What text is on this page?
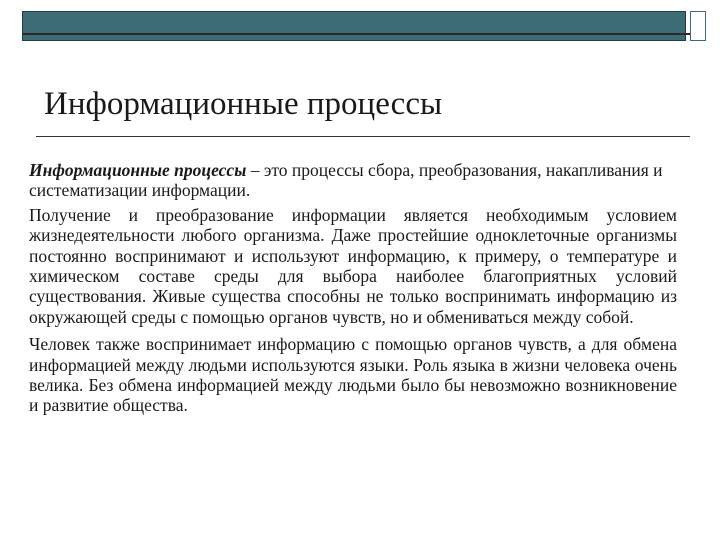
Информационные процессы

Информационные процессы – это процессы сбора, преобразования, накапливания и систематизации информации.

Получение и преобразование информации является необходимым условием жизнедеятельности любого организма. Даже простейшие одноклеточные организмы постоянно воспринимают и используют информацию, к примеру, о температуре и химическом составе среды для выбора наиболее благоприятных условий существования. Живые существа способны не только воспринимать информацию из окружающей среды с помощью органов чувств, но и обмениваться между собой.

Человек также воспринимает информацию с помощью органов чувств, а для обмена информацией между людьми используются языки. Роль языка в жизни человека очень велика. Без обмена информацией между людьми было бы невозможно возникновение и развитие общества.
